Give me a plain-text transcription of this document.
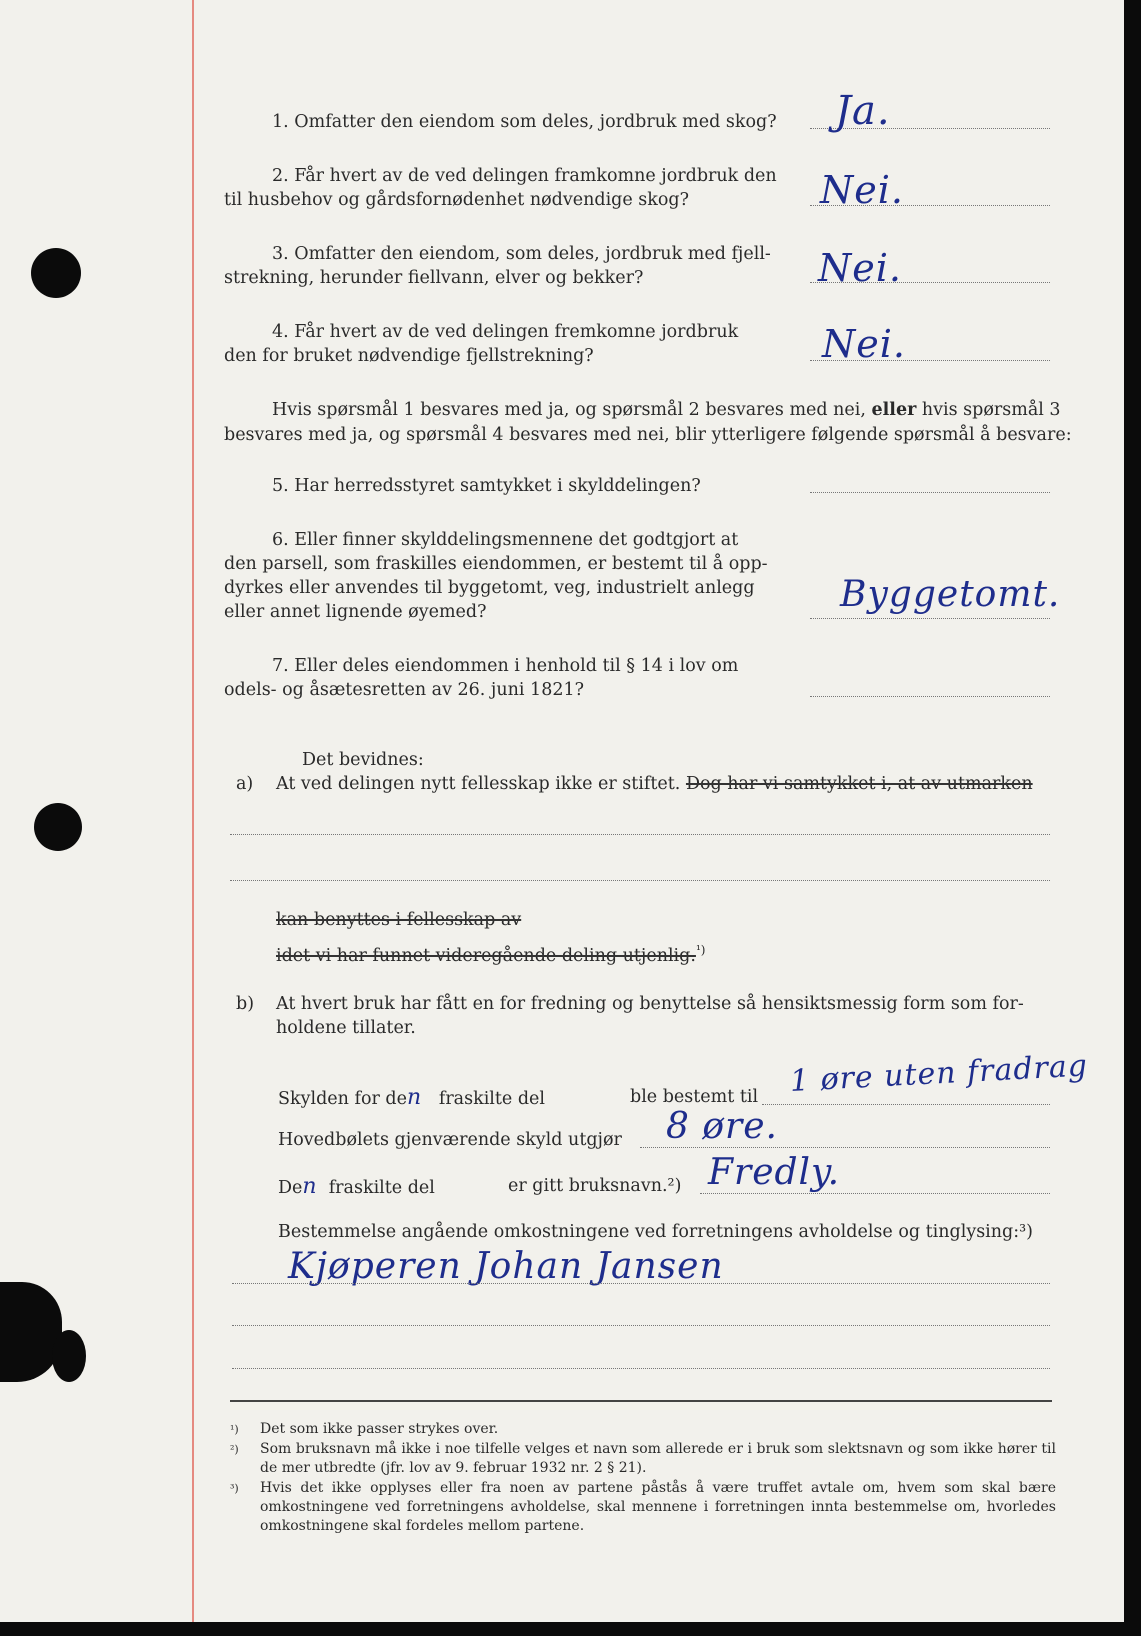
1. Omfatter den eiendom som deles, jordbruk med skog?	Ja.

2. Får hvert av de ved delingen framkomne jordbruk den

til husbehov og gårdsfornødenhet nødvendige skog?	Nei.

3. Omfatter den eiendom, som deles, jordbruk med fjell-

strekning, herunder fiellvann, elver og bekker?	Nei.

4. Får hvert av de ved delingen fremkomne jordbruk

den for bruket nødvendige fjellstrekning?	Nei.
Hvis spørsmål 1 besvares med ja, og spørsmål 2 besvares med nei, eller hvis spørsmål 3
besvares med ja, og spørsmål 4 besvares med nei, blir ytterligere følgende spørsmål å besvare:

5. Har herredsstyret samtykket i skylddelingen?

6. Eller finner skylddelingsmennene det godtgjort at

den parsell, som fraskilles eiendommen, er bestemt til å opp-

dyrkes eller anvendes til byggetomt, veg, industrielt anlegg

eller annet lignende øyemed?	Byggetomt.

7. Eller deles eiendommen i henhold til § 14 i lov om

odels- og åsætesretten av 26. juni 1821?

Det bevidnes:
a) At ved delingen nytt fellesskap ikke er stiftet. Dog har vi samtykket i, at av utmarken
kan benyttes i fellesskap av
idet vi har funnet videregående deling utjenlig.$^{^1)}$
b) At hvert bruk har fått en for fredning og benyttelse så hensiktsmessig form som for-
holdene tillater.
Skylden for den fraskilte del	ble bestemt til 1 øre uten fradrag
Hovedbølets gjenværende skyld utgjør 8 øre.
Den fraskilte del	er gitt bruksnavn.²) Fredly.
Bestemmelse angående omkostningene ved forretningens avholdelse og tinglysing:³)
Kjøperen Johan Jansen
¹)	Det som ikke passer strykes over.
²)	Som bruksnavn må ikke i noe tilfelle velges et navn som allerede er i bruk som slektsnavn og som ikke hører til de mer utbredte (jfr. lov av 9. februar 1932 nr. 2 § 21).
³)	Hvis det ikke opplyses eller fra noen av partene påstås å være truffet avtale om, hvem som skal bære omkostningene ved forretningens avholdelse, skal mennene i forretningen innta bestemmelse om, hvorledes omkostningene skal fordeles mellom partene.
